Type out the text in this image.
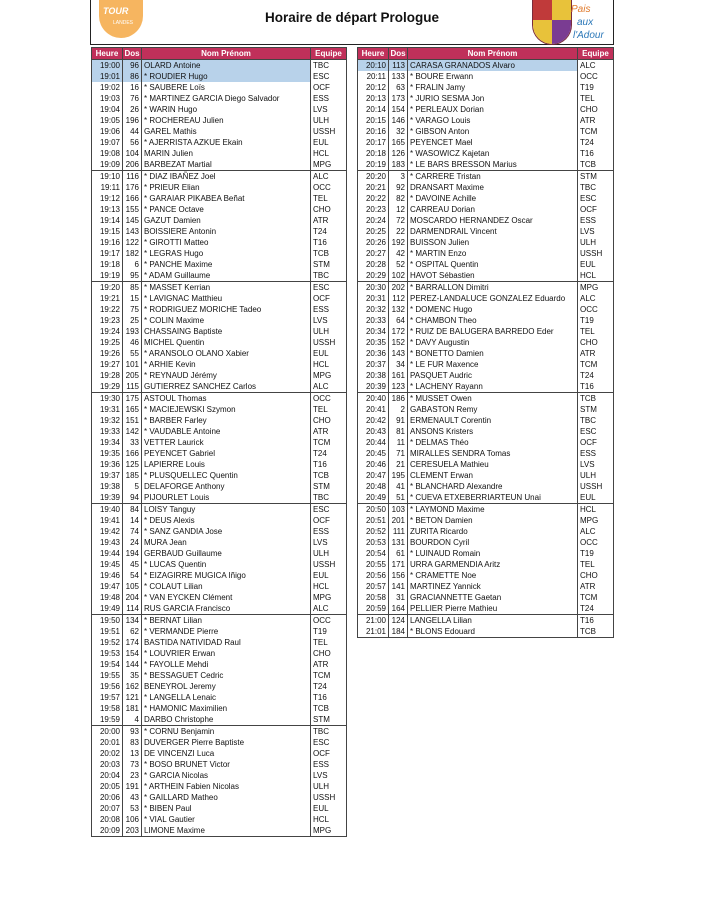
Horaire de départ Prologue
TOUR
LANDES
Pais
aux
l'Adour
Heure	Dos	Nom Prénom	Equipe
19:00	96	OLARD Antoine	TBC
19:01	86	* ROUDIER Hugo	ESC
19:02	16	* SAUBERE Loïs	OCF
19:03	76	* MARTINEZ GARCIA Diego Salvador	ESS
19:04	26	* WARIN Hugo	LVS
19:05	196	* ROCHEREAU Julien	ULH
19:06	44	GAREL Mathis	USSH
19:07	56	* AJERRISTA AZKUE Ekain	EUL
19:08	104	MARIN Julien	HCL
19:09	206	BARBEZAT Martial	MPG
19:10	116	* DIAZ IBAÑEZ Joel	ALC
19:11	176	* PRIEUR Elian	OCC
19:12	166	* GARAIAR PIKABEA Beñat	TEL
19:13	155	* PANCE Octave	CHO
19:14	145	GAZUT Damien	ATR
19:15	143	BOISSIERE Antonin	T24
19:16	122	* GIROTTI Matteo	T16
19:17	182	* LEGRAS Hugo	TCB
19:18	6	* PANCHE Maxime	STM
19:19	95	* ADAM Guillaume	TBC
19:20	85	* MASSET Kerrian	ESC
19:21	15	* LAVIGNAC Matthieu	OCF
19:22	75	* RODRIGUEZ MORICHE Tadeo	ESS
19:23	25	* COLIN Maxime	LVS
19:24	193	CHASSAING Baptiste	ULH
19:25	46	MICHEL Quentin	USSH
19:26	55	* ARANSOLO OLANO Xabier	EUL
19:27	101	* ARHIE Kevin	HCL
19:28	205	* REYNAUD Jérémy	MPG
19:29	115	GUTIERREZ SANCHEZ Carlos	ALC
19:30	175	ASTOUL Thomas	OCC
19:31	165	* MACIEJEWSKI Szymon	TEL
19:32	151	* BARBER Farley	CHO
19:33	142	* VAUDABLE Antoine	ATR
19:34	33	VETTER Laurick	TCM
19:35	166	PEYENCET Gabriel	T24
19:36	125	LAPIERRE Louis	T16
19:37	185	* PLUSQUELLEC Quentin	TCB
19:38	5	DELAFORGE Anthony	STM
19:39	94	PIJOURLET Louis	TBC
19:40	84	LOISY Tanguy	ESC
19:41	14	* DEUS Alexis	OCF
19:42	74	* SANZ GANDIA Jose	ESS
19:43	24	MURA Jean	LVS
19:44	194	GERBAUD Guillaume	ULH
19:45	45	* LUCAS Quentin	USSH
19:46	54	* EIZAGIRRE MUGICA Iñigo	EUL
19:47	105	* COLAUT Lilian	HCL
19:48	204	* VAN EYCKEN Clément	MPG
19:49	114	RUS GARCIA Francisco	ALC
19:50	134	* BERNAT Lilian	OCC
19:51	62	* VERMANDE Pierre	T19
19:52	174	BASTIDA NATIVIDAD Raul	TEL
19:53	154	* LOUVRIER Erwan	CHO
19:54	144	* FAYOLLE Mehdi	ATR
19:55	35	* BESSAGUET Cedric	TCM
19:56	162	BENEYROL Jeremy	T24
19:57	121	* LANGELLA Lenaic	T16
19:58	181	* HAMONIC Maximilien	TCB
19:59	4	DARBO Christophe	STM
20:00	93	* CORNU Benjamin	TBC
20:01	83	DUVERGER Pierre Baptiste	ESC
20:02	13	DE VINCENZI Luca	OCF
20:03	73	* BOSO BRUNET Victor	ESS
20:04	23	* GARCIA Nicolas	LVS
20:05	191	* ARTHEIN Fabien Nicolas	ULH
20:06	43	* GAILLARD Matheo	USSH
20:07	53	* BIBEN Paul	EUL
20:08	106	* VIAL Gautier	HCL
20:09	203	LIMONE Maxime	MPG
Heure	Dos	Nom Prénom	Equipe
20:10	113	CARASA GRANADOS Alvaro	ALC
20:11	133	* BOURE Erwann	OCC
20:12	63	* FRALIN Jamy	T19
20:13	173	* JURIO SESMA Jon	TEL
20:14	154	* PERLEAUX Dorian	CHO
20:15	146	* VARAGO Louis	ATR
20:16	32	* GIBSON Anton	TCM
20:17	165	PEYENCET Mael	T24
20:18	126	* WASOWICZ Kajetan	T16
20:19	183	* LE BARS BRESSON Marius	TCB
20:20	3	* CARRERE Tristan	STM
20:21	92	DRANSART Maxime	TBC
20:22	82	* DAVOINE Achille	ESC
20:23	12	CARREAU Dorian	OCF
20:24	72	MOSCARDO HERNANDEZ Oscar	ESS
20:25	22	DARMENDRAIL Vincent	LVS
20:26	192	BUISSON Julien	ULH
20:27	42	* MARTIN Enzo	USSH
20:28	52	* OSPITAL Quentin	EUL
20:29	102	HAVOT Sébastien	HCL
20:30	202	* BARRALLON Dimitri	MPG
20:31	112	PEREZ-LANDALUCE GONZALEZ Eduardo	ALC
20:32	132	* DOMENC Hugo	OCC
20:33	64	* CHAMBON Theo	T19
20:34	172	* RUIZ DE BALUGERA BARREDO Eder	TEL
20:35	152	* DAVY Augustin	CHO
20:36	143	* BONETTO Damien	ATR
20:37	34	* LE FUR Maxence	TCM
20:38	161	PASQUET Audric	T24
20:39	123	* LACHENY Rayann	T16
20:40	186	* MUSSET Owen	TCB
20:41	2	GABASTON Remy	STM
20:42	91	ERMENAULT Corentin	TBC
20:43	81	ANSONS Kristers	ESC
20:44	11	* DELMAS Théo	OCF
20:45	71	MIRALLES SENDRA Tomas	ESS
20:46	21	CERESUELA Mathieu	LVS
20:47	195	CLEMENT Erwan	ULH
20:48	41	* BLANCHARD Alexandre	USSH
20:49	51	* CUEVA ETXEBERRIARTEUN Unai	EUL
20:50	103	* LAYMOND Maxime	HCL
20:51	201	* BETON Damien	MPG
20:52	111	ZURITA Ricardo	ALC
20:53	131	BOURDON Cyril	OCC
20:54	61	* LUINAUD Romain	T19
20:55	171	URRA GARMENDIA Aritz	TEL
20:56	156	* CRAMETTE Noe	CHO
20:57	141	MARTINEZ Yannick	ATR
20:58	31	GRACIANNETTE Gaetan	TCM
20:59	164	PELLIER Pierre Mathieu	T24
21:00	124	LANGELLA Lilian	T16
21:01	184	* BLONS Edouard	TCB
